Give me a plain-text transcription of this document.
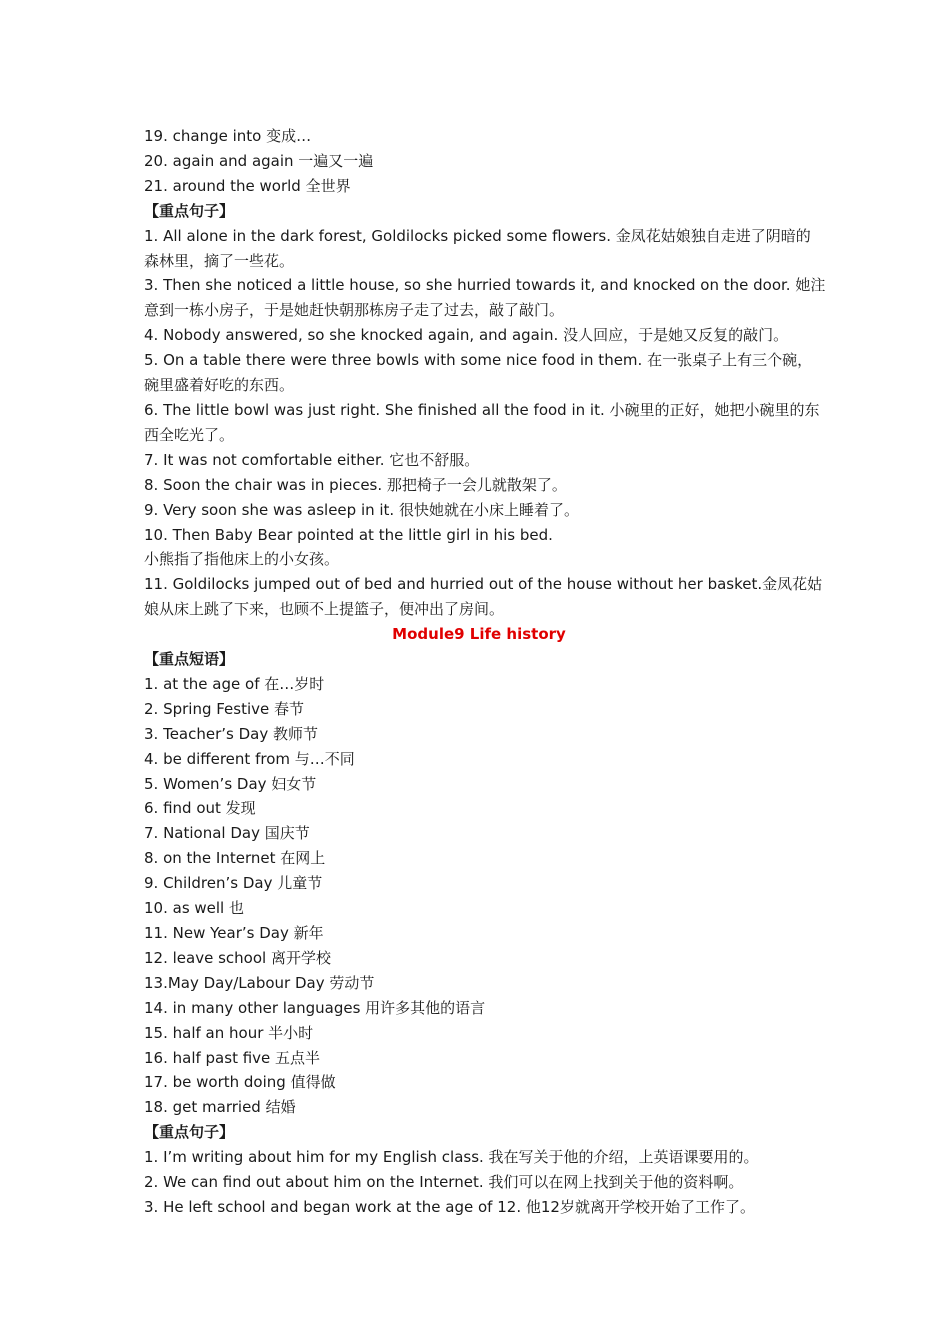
19. change into 变成…
20. again and again 一遍又一遍
21. around the world 全世界
【重点句子】
1. All alone in the dark forest, Goldilocks picked some flowers. 金凤花姑娘独自走进了阴暗的
森林里，摘了一些花。
3. Then she noticed a little house, so she hurried towards it, and knocked on the door. 她注
意到一栋小房子，于是她赶快朝那栋房子走了过去，敲了敲门。
4. Nobody answered, so she knocked again, and again. 没人回应，于是她又反复的敲门。
5. On a table there were three bowls with some nice food in them. 在一张桌子上有三个碗，
碗里盛着好吃的东西。
6. The little bowl was just right. She finished all the food in it. 小碗里的正好，她把小碗里的东
西全吃光了。
7. It was not comfortable either. 它也不舒服。
8. Soon the chair was in pieces. 那把椅子一会儿就散架了。
9. Very soon she was asleep in it. 很快她就在小床上睡着了。
10. Then Baby Bear pointed at the little girl in his bed.
小熊指了指他床上的小女孩。
11. Goldilocks jumped out of bed and hurried out of the house without her basket.金凤花姑
娘从床上跳了下来，也顾不上提篮子，便冲出了房间。
Module9 Life history
【重点短语】
1. at the age of 在…岁时
2. Spring Festive 春节
3. Teacher’s Day 教师节
4. be different from 与…不同
5. Women’s Day 妇女节
6. find out 发现
7. National Day 国庆节
8. on the Internet 在网上
9. Children’s Day 儿童节
10. as well 也
11. New Year’s Day 新年
12. leave school 离开学校
13.May Day/Labour Day 劳动节
14. in many other languages 用许多其他的语言
15. half an hour 半小时
16. half past five 五点半
17. be worth doing 值得做
18. get married 结婚
【重点句子】
1. I’m writing about him for my English class. 我在写关于他的介绍，上英语课要用的。
2. We can find out about him on the Internet. 我们可以在网上找到关于他的资料啊。
3. He left school and began work at the age of 12. 他12岁就离开学校开始了工作了。
